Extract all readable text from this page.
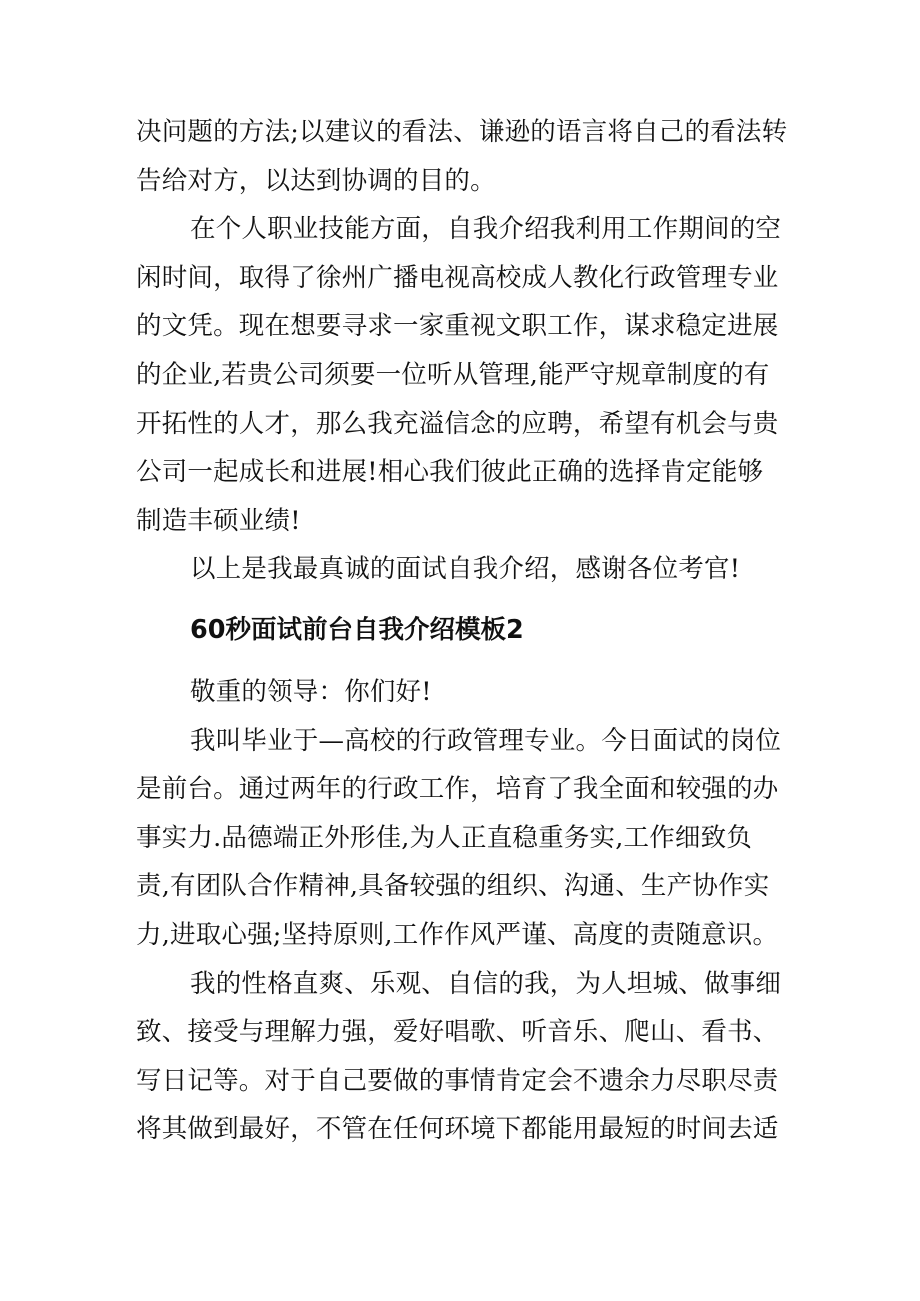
决问题的方法;以建议的看法、谦逊的语言将自己的看法转
告给对方，以达到协调的目的。
在个人职业技能方面，自我介绍我利用工作期间的空
闲时间，取得了徐州广播电视高校成人教化行政管理专业
的文凭。现在想要寻求一家重视文职工作，谋求稳定进展
的企业,若贵公司须要一位听从管理,能严守规章制度的有
开拓性的人才，那么我充溢信念的应聘，希望有机会与贵
公司一起成长和进展!相心我们彼此正确的选择肯定能够
制造丰硕业绩!
以上是我最真诚的面试自我介绍，感谢各位考官!
60秒面试前台自我介绍模板2
敬重的领导：你们好!
我叫毕业于—高校的行政管理专业。今日面试的岗位
是前台。通过两年的行政工作，培育了我全面和较强的办
事实力.品德端正外形佳,为人正直稳重务实,工作细致负
责,有团队合作精神,具备较强的组织、沟通、生产协作实
力,进取心强;坚持原则,工作作风严谨、高度的责随意识。
我的性格直爽、乐观、自信的我，为人坦城、做事细
致、接受与理解力强，爱好唱歌、听音乐、爬山、看书、
写日记等。对于自己要做的事情肯定会不遗余力尽职尽责
将其做到最好，不管在任何环境下都能用最短的时间去适
